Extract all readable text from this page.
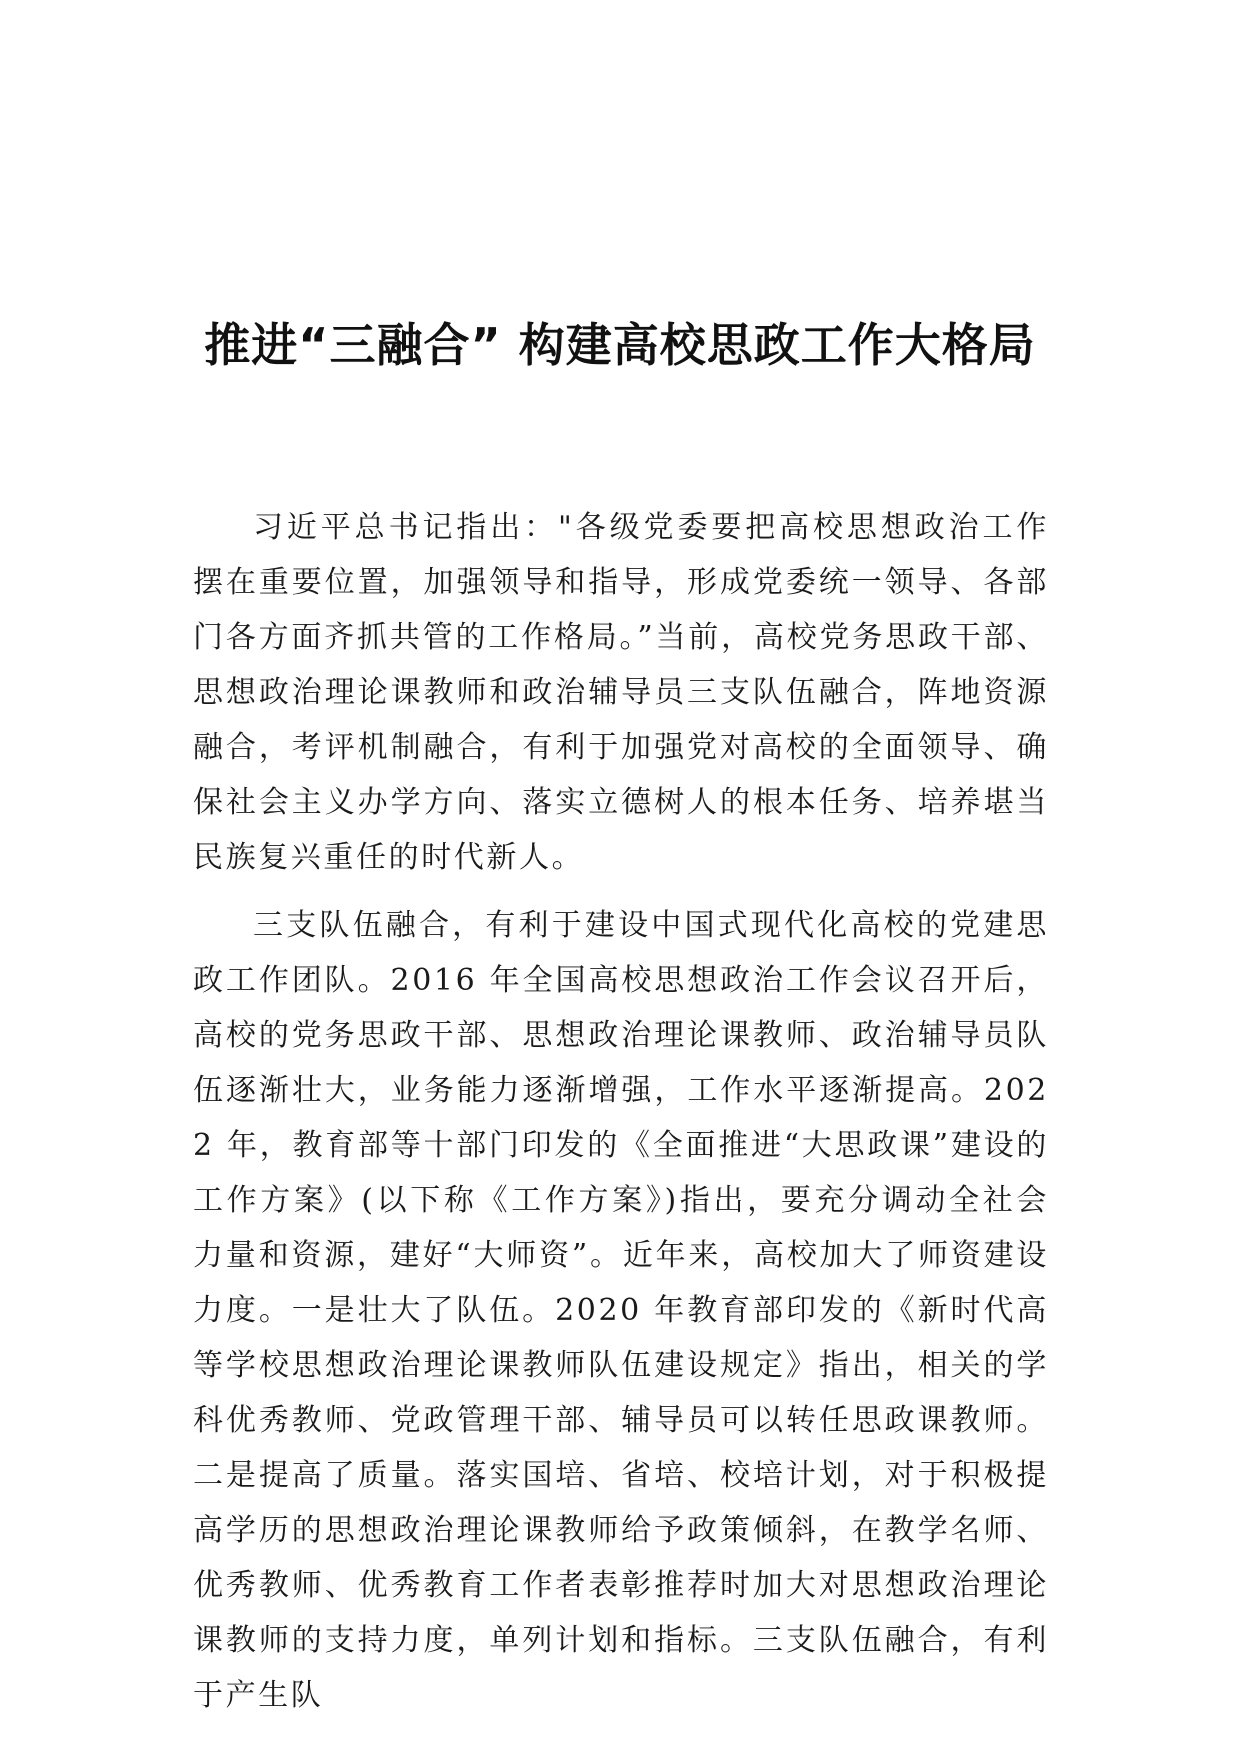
推进“三融合” 构建高校思政工作大格局

习近平总书记指出："各级党委要把高校思想政治工作摆在重要位置，加强领导和指导，形成党委统一领导、各部门各方面齐抓共管的工作格局。”当前，高校党务思政干部、思想政治理论课教师和政治辅导员三支队伍融合，阵地资源融合，考评机制融合，有利于加强党对高校的全面领导、确保社会主义办学方向、落实立德树人的根本任务、培养堪当民族复兴重任的时代新人。

三支队伍融合，有利于建设中国式现代化高校的党建思政工作团队。2016 年全国高校思想政治工作会议召开后，高校的党务思政干部、思想政治理论课教师、政治辅导员队伍逐渐壮大，业务能力逐渐增强，工作水平逐渐提高。2022 年，教育部等十部门印发的《全面推进“大思政课”建设的工作方案》(以下称《工作方案》)指出，要充分调动全社会力量和资源，建好“大师资”。近年来，高校加大了师资建设力度。一是壮大了队伍。2020 年教育部印发的《新时代高等学校思想政治理论课教师队伍建设规定》指出，相关的学科优秀教师、党政管理干部、辅导员可以转任思政课教师。二是提高了质量。落实国培、省培、校培计划，对于积极提高学历的思想政治理论课教师给予政策倾斜，在教学名师、优秀教师、优秀教育工作者表彰推荐时加大对思想政治理论课教师的支持力度，单列计划和指标。三支队伍融合，有利于产生队
